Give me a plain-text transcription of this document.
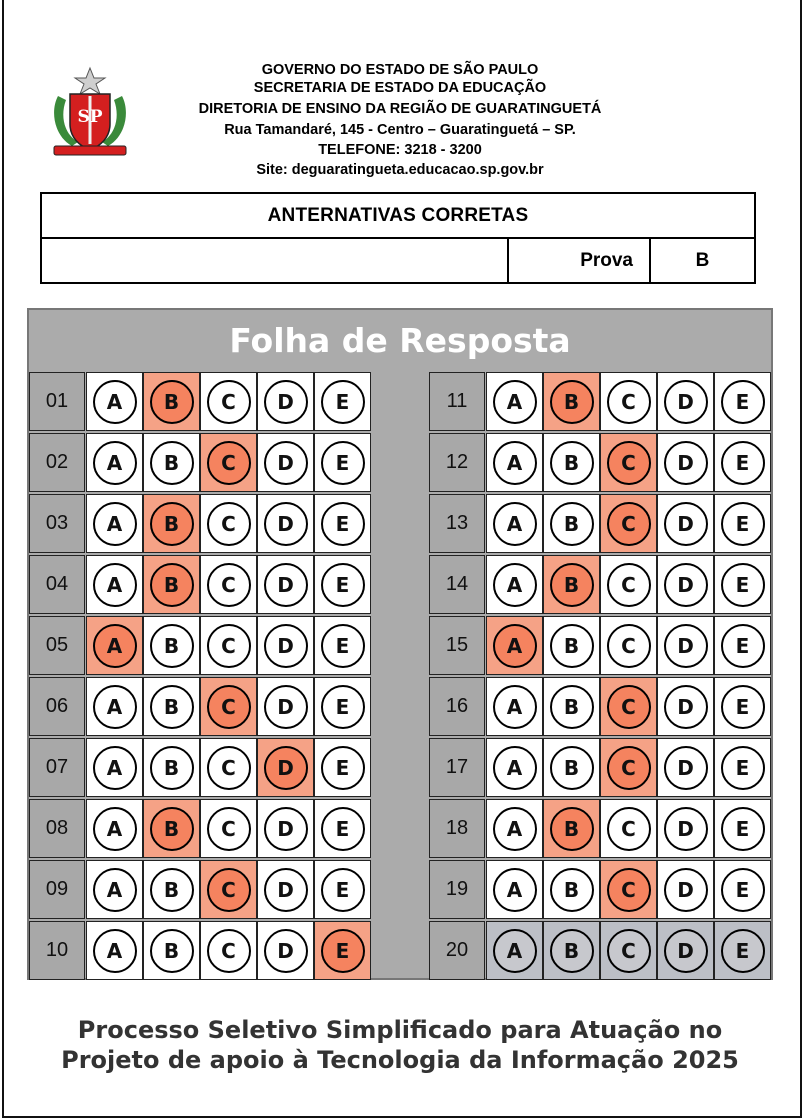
SP
GOVERNO DO ESTADO DE SÃO PAULO
SECRETARIA DE ESTADO DA EDUCAÇÃO
DIRETORIA DE ENSINO DA REGIÃO DE GUARATINGUETÁ
Rua Tamandaré, 145 - Centro – Guaratinguetá – SP.
TELEFONE: 3218 - 3200
Site: deguaratingueta.educacao.sp.gov.br
ANTERNATIVAS CORRETAS
Prova	B
Folha de Resposta
01	A	B	C	D	E
02	A	B	C	D	E
03	A	B	C	D	E
04	A	B	C	D	E
05	A	B	C	D	E
06	A	B	C	D	E
07	A	B	C	D	E
08	A	B	C	D	E
09	A	B	C	D	E
10	A	B	C	D	E
11	A	B	C	D	E
12	A	B	C	D	E
13	A	B	C	D	E
14	A	B	C	D	E
15	A	B	C	D	E
16	A	B	C	D	E
17	A	B	C	D	E
18	A	B	C	D	E
19	A	B	C	D	E
20	A	B	C	D	E
Processo Seletivo Simplificado para Atuação no
Projeto de apoio à Tecnologia da Informação 2025
